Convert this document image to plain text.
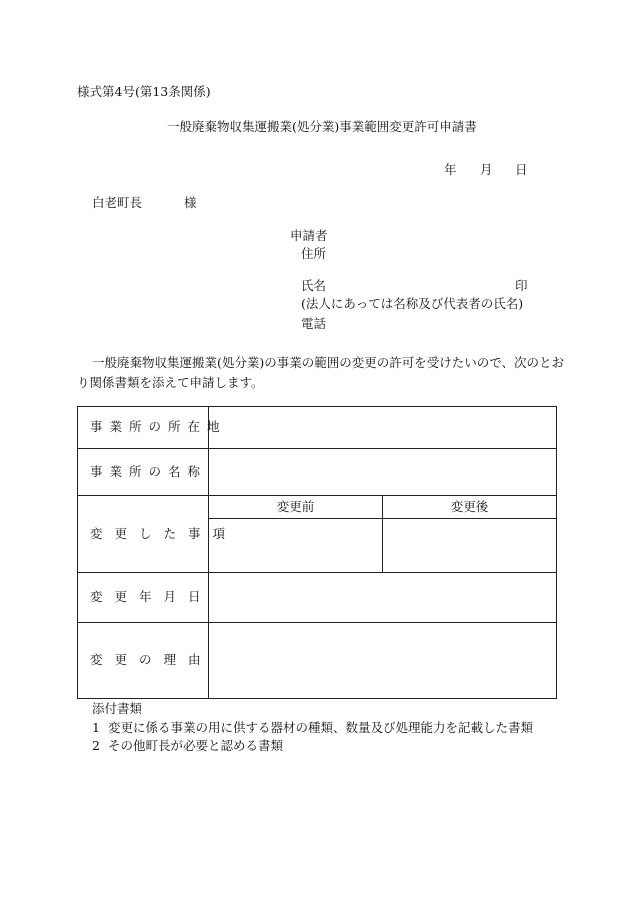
様式第4号(第13条関係)
一般廃棄物収集運搬業(処分業)事業範囲変更許可申請書
年 月 日
白老町長	様
申請者
住所
氏名	印
(法人にあっては名称及び代表者の氏名)
電話
一般廃棄物収集運搬業(処分業)の事業の範囲の変更の許可を受けたいので、次のとお
り関係書類を添えて申請します。
事業所の所在地		
事業所の名称		
変更した事項	変更前	変更後

変更年月日		
変更の理由		
添付書類
1 変更に係る事業の用に供する器材の種類、数量及び処理能力を記載した書類
2 その他町長が必要と認める書類
